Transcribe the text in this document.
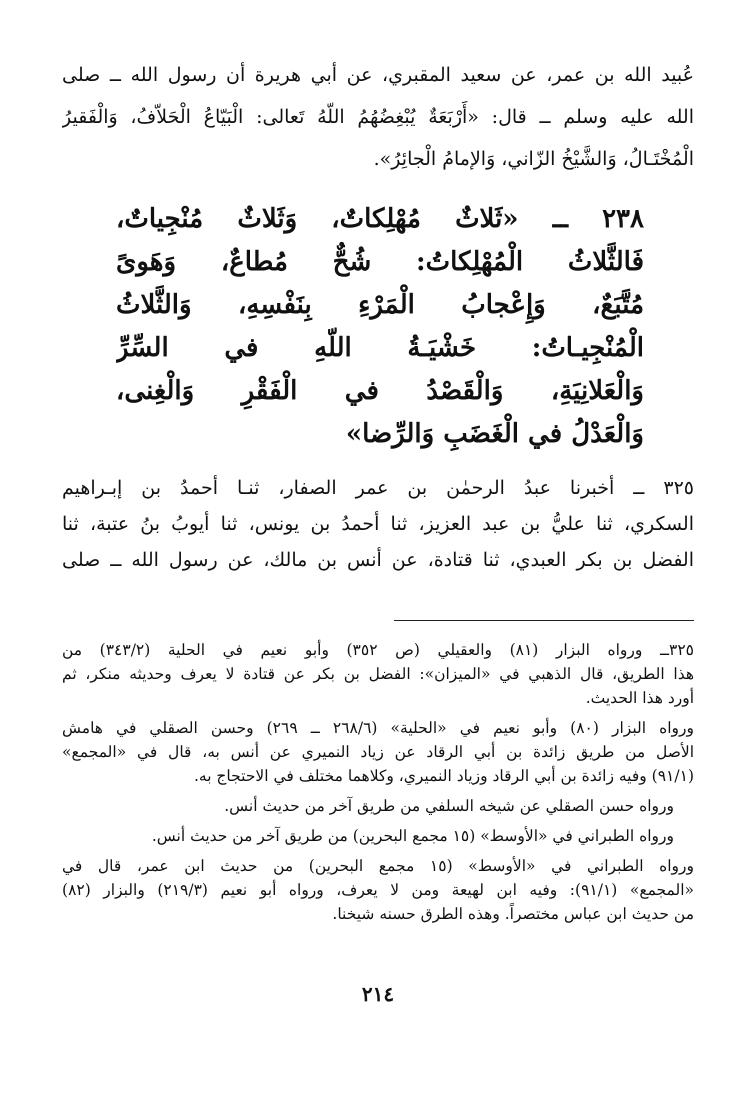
عُبيد الله بن عمر، عن سعيد المقبري، عن أبي هريرة أن رسول الله ــ صلى
الله عليه وسلم ــ قال: «أَرْبَعَةٌ يُبْغِضُهُمُ اللّهُ تَعالى: الْبَيّاعُ الْحَلاّفُ، وَالْفَقيرُ
الْمُخْتَـالُ، وَالشَّيْخُ الزّاني، وَالإمامُ الْجائِرُ».
٢٣٨ ــ «ثَلاثٌ مُهْلِكاتٌ، وَثَلاثٌ مُنْجِياتٌ،
فَالثَّلاثُ الْمُهْلِكاتُ: شُحٌّ مُطاعٌ، وَهَوىً
مُتَّبَعٌ، وَإِعْجابُ الْمَرْءِ بِنَفْسِهِ، وَالثَّلاثُ
الْمُنْجِيـاتُ: خَشْيَـةُ اللّهِ في السِّرِّ
وَالْعَلانِيَةِ، وَالْقَصْدُ في الْفَقْرِ وَالْغِنى،
وَالْعَدْلُ في الْغَضَبِ وَالرِّضا»
٣٢٥ ــ أخبرنا عبدُ الرحمٰن بن عمر الصفار، ثنـا أحمدُ بن إبـراهيم
السكري، ثنا عليُّ بن عبد العزيز، ثنا أحمدُ بن يونس، ثنا أيوبُ بنُ عتبة، ثنا
الفضل بن بكر العبدي، ثنا قتادة، عن أنس بن مالك، عن رسول الله ــ صلى
٣٢٥ــ ورواه البزار (٨١) والعقيلي (ص ٣٥٢) وأبو نعيم في الحلية (٣٤٣/٢) من
هذا الطريق، قال الذهبي في «الميزان»: الفضل بن بكر عن قتادة لا يعرف وحديثه منكر، ثم
أورد هذا الحديث.
ورواه البزار (٨٠) وأبو نعيم في «الحلية» (٢٦٨/٦ ــ ٢٦٩) وحسن الصقلي في هامش
الأصل من طريق زائدة بن أبي الرقاد عن زياد النميري عن أنس به، قال في «المجمع»
(٩١/١) وفيه زائدة بن أبي الرقاد وزياد النميري، وكلاهما مختلف في الاحتجاج به.
ورواه حسن الصقلي عن شيخه السلفي من طريق آخر من حديث أنس.
ورواه الطبراني في «الأوسط» (١٥ مجمع البحرين) من طريق آخر من حديث أنس.
ورواه الطبراني في «الأوسط» (١٥ مجمع البحرين) من حديث ابن عمر، قال في
«المجمع» (٩١/١): وفيه ابن لهيعة ومن لا يعرف، ورواه أبو نعيم (٢١٩/٣) والبزار (٨٢)
من حديث ابن عباس مختصراً. وهذه الطرق حسنه شيخنا.
٢١٤
